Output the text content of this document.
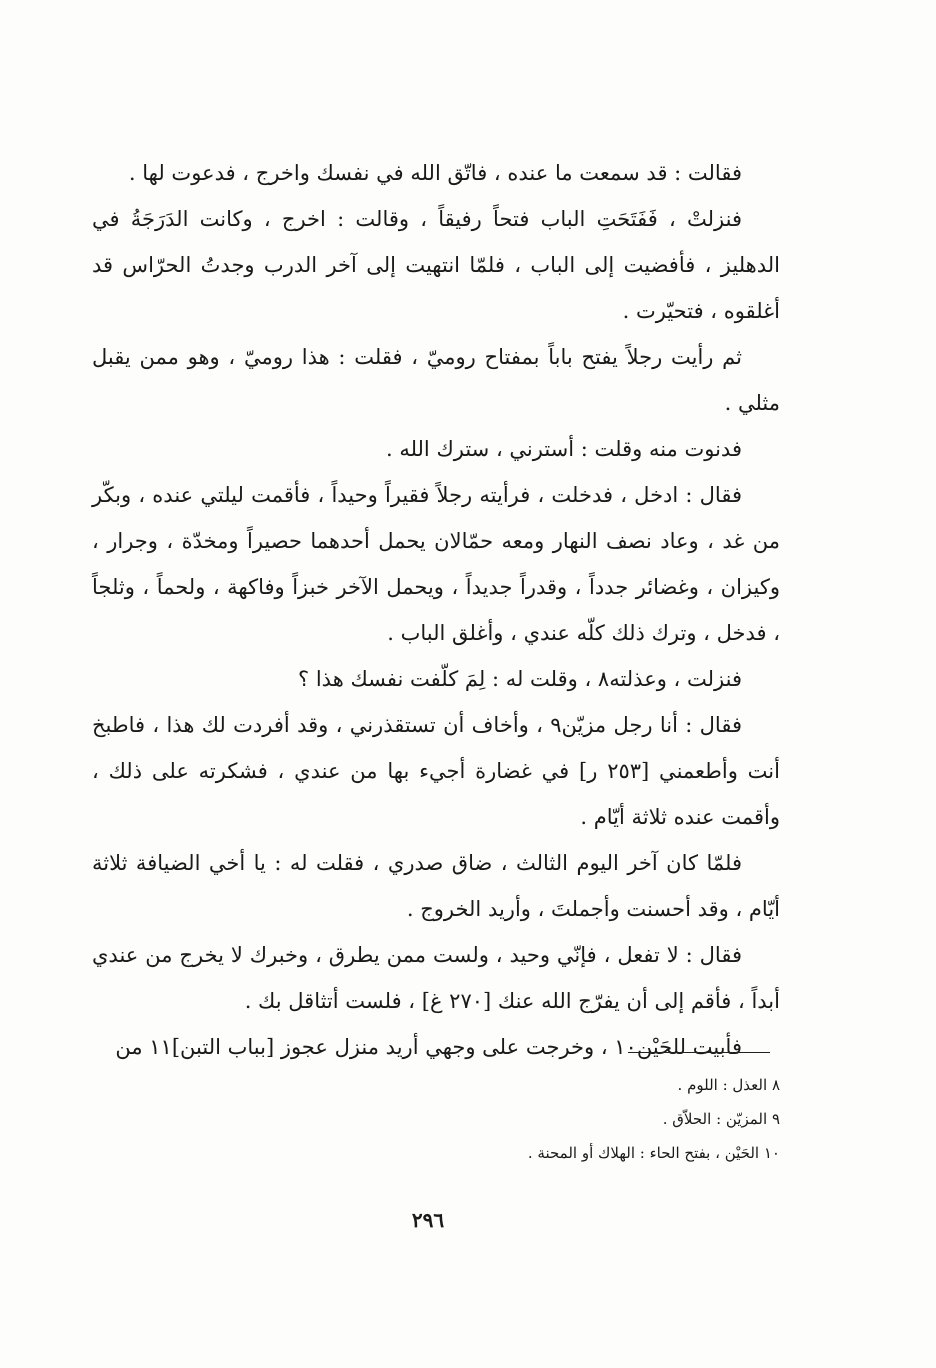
فقالت : قد سمعت ما عنده ، فاتّق الله في نفسك واخرج ، فدعوت لها .

فنزلتْ ، فَفَتَحَتِ الباب فتحاً رفيقاً ، وقالت : اخرج ، وكانت الدَرَجَةُ في الدهليز ، فأفضيت إلى الباب ، فلمّا انتهيت إلى آخر الدرب وجدتُ الحرّاس قد أغلقوه ، فتحيّرت .

ثم رأيت رجلاً يفتح باباً بمفتاح روميّ ، فقلت : هذا روميّ ، وهو ممن يقبل مثلي .

فدنوت منه وقلت : أسترني ، سترك الله .

فقال : ادخل ، فدخلت ، فرأيته رجلاً فقيراً وحيداً ، فأقمت ليلتي عنده ، وبكّر من غد ، وعاد نصف النهار ومعه حمّالان يحمل أحدهما حصيراً ومخدّة ، وجرار ، وكيزان ، وغضائر جدداً ، وقدراً جديداً ، ويحمل الآخر خبزاً وفاكهة ، ولحماً ، وثلجاً ، فدخل ، وترك ذلك كلّه عندي ، وأغلق الباب .

فنزلت ، وعذلته٨ ، وقلت له : لِمَ كلّفت نفسك هذا ؟

فقال : أنا رجل مزيّن٩ ، وأخاف أن تستقذرني ، وقد أفردت لك هذا ، فاطبخ أنت وأطعمني [٢٥٣ ر] في غضارة أجيء بها من عندي ، فشكرته على ذلك ، وأقمت عنده ثلاثة أيّام .

فلمّا كان آخر اليوم الثالث ، ضاق صدري ، فقلت له : يا أخي الضيافة ثلاثة أيّام ، وقد أحسنت وأجملتَ ، وأريد الخروج .

فقال : لا تفعل ، فإنّي وحيد ، ولست ممن يطرق ، وخبرك لا يخرج من عندي أبداً ، فأقم إلى أن يفرّج الله عنك [٢٧٠ غ] ، فلست أتثاقل بك .

فأبيت للحَيْن١٠ ، وخرجت على وجهي أريد منزل عجوز [بباب التبن]١١ من

٨ العذل : اللوم .

٩ المزيّن : الحلاّق .

١٠ الحَيْن ، بفتح الحاء : الهلاك أو المحنة .

٢٩٦
